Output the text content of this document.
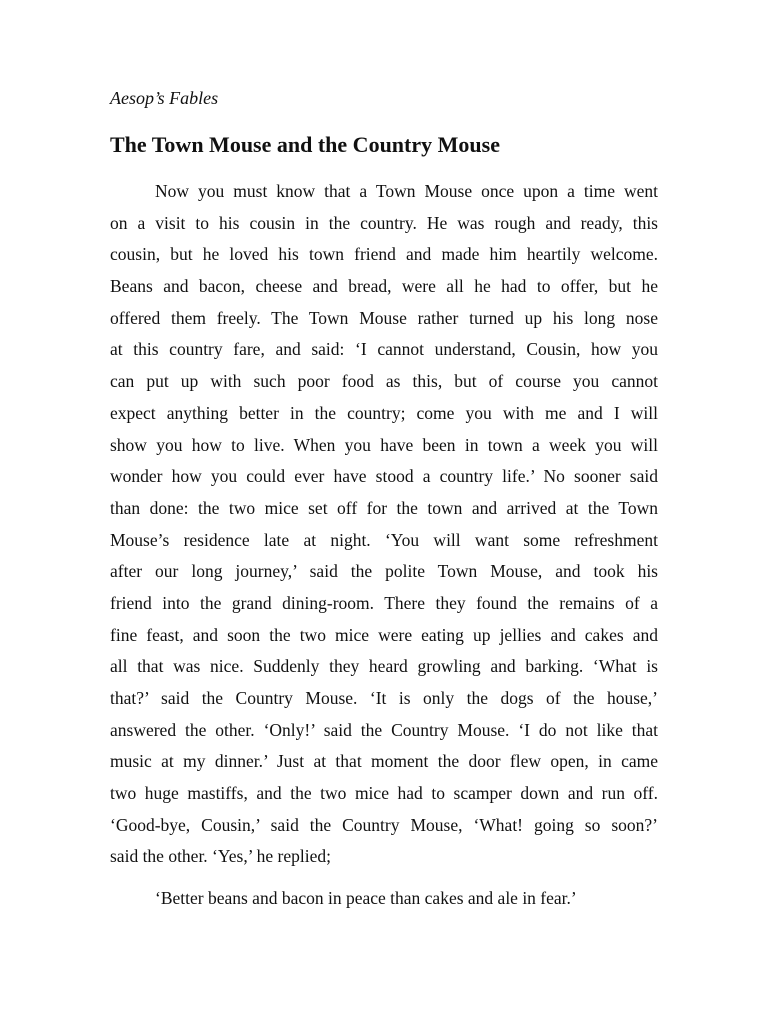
Aesop’s Fables

The Town Mouse and the Country Mouse
Now you must know that a Town Mouse once upon a time went
on a visit to his cousin in the country. He was rough and ready, this
cousin, but he loved his town friend and made him heartily welcome.
Beans and bacon, cheese and bread, were all he had to offer, but he
offered them freely. The Town Mouse rather turned up his long nose
at this country fare, and said: ‘I cannot understand, Cousin, how you
can put up with such poor food as this, but of course you cannot
expect anything better in the country; come you with me and I will
show you how to live. When you have been in town a week you will
wonder how you could ever have stood a country life.’ No sooner said
than done: the two mice set off for the town and arrived at the Town
Mouse’s residence late at night. ‘You will want some refreshment
after our long journey,’ said the polite Town Mouse, and took his
friend into the grand dining-room. There they found the remains of a
fine feast, and soon the two mice were eating up jellies and cakes and
all that was nice. Suddenly they heard growling and barking. ‘What is
that?’ said the Country Mouse. ‘It is only the dogs of the house,’
answered the other. ‘Only!’ said the Country Mouse. ‘I do not like that
music at my dinner.’ Just at that moment the door flew open, in came
two huge mastiffs, and the two mice had to scamper down and run off.
‘Good-bye, Cousin,’ said the Country Mouse, ‘What! going so soon?’
said the other. ‘Yes,’ he replied;

‘Better beans and bacon in peace than cakes and ale in fear.’
